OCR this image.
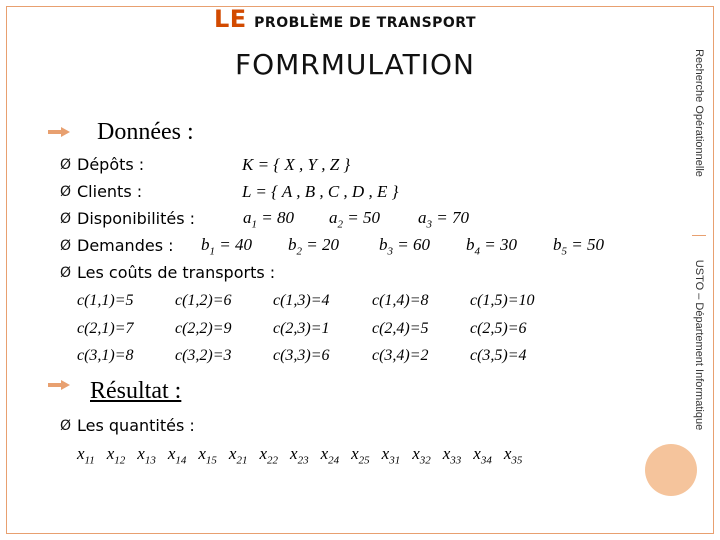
Recherche Opérationnelle
USTO – Département Informatique
LE PROBLÈME DE TRANSPORT
FOMRMULATION
Données :
Ø Dépôts :	K = { X , Y , Z }
Ø Clients :	L = { A , B , C , D , E }
Ø Disponibilités :	$a_1 = 80$ $a_2 = 50$ $a_3 = 70$
Ø Demandes : $b_1 = 40$ $b_2 = 20$ $b_3 = 60$ $b_4 = 30$ $b_5 = 50$
Ø Les coûts de transports :
c(1,1)=5	c(1,2)=6	c(1,3)=4	c(1,4)=8	c(1,5)=10
c(2,1)=7	c(2,2)=9	c(2,3)=1	c(2,4)=5	c(2,5)=6
c(3,1)=8	c(3,2)=3	c(3,3)=6	c(3,4)=2	c(3,5)=4
Résultat :
Ø Les quantités :
$x_{11}$ $x_{12}$ $x_{13}$ $x_{14}$ $x_{15}$ $x_{21}$ $x_{22}$ $x_{23}$ $x_{24}$ $x_{25}$ $x_{31}$ $x_{32}$ $x_{33}$ $x_{34}$ $x_{35}$
